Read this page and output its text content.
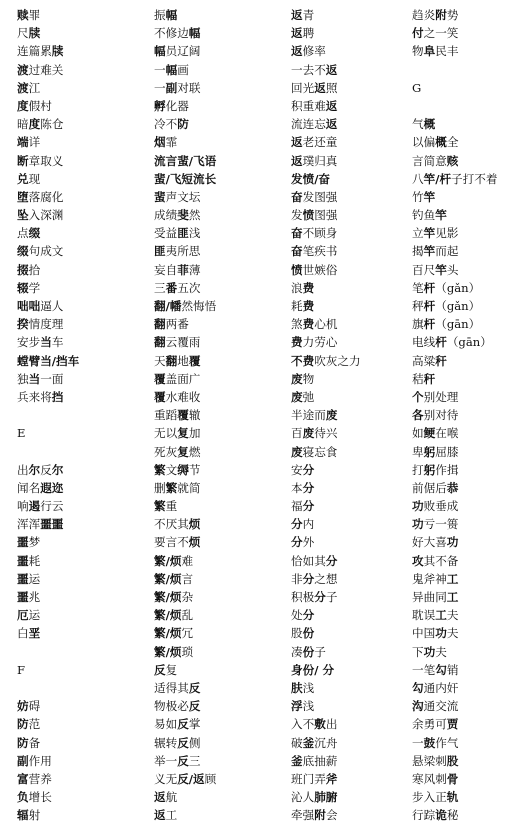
赎罪
尺牍
连篇累牍
渡过难关
渡江
度假村
暗度陈仓
端详
断章取义
兑现
堕落腐化
坠入深渊
点缀
缀句成文
掇拾
辍学
咄咄逼人
揆情度理
安步当车
螳臂当/挡车
独当一面
兵来将挡
E
出尔反尔
闻名遐迩
响遏行云
浑浑噩噩
噩梦
噩耗
噩运
噩兆
厄运
白垩
F
妨碍
防范
防备
副作用
富营养
负增长
辐射
振幅
不修边幅
幅员辽阔
一幅画
一副对联
孵化器
冷不防
烟霏
流言蜚/飞语
蜚/飞短流长
蜚声文坛
成绩斐然
受益匪浅
匪夷所思
妄自菲薄
三番五次
翻/幡然悔悟
翻两番
翻云覆雨
天翻地覆
覆盖面广
覆水难收
重蹈覆辙
无以复加
死灰复燃
繁文缛节
删繁就简
繁重
不厌其烦
要言不烦
繁/烦难
繁/烦言
繁/烦杂
繁/烦乱
繁/烦冗
繁/烦琐
反复
适得其反
物极必反
易如反掌
辗转反侧
举一反三
义无反/返顾
返航
返工
返青
返聘
返修率
一去不返
回光返照
积重难返
流连忘返
返老还童
返璞归真
发愤/奋
奋发图强
发愤图强
奋不顾身
奋笔疾书
愤世嫉俗
浪费
耗费
煞费心机
费力劳心
不费吹灰之力
废物
废弛
半途而废
百废待兴
废寝忘食
安分
本分
福分
分内
分外
恰如其分
非分之想
积极分子
处分
股份
凑份子
身份/ 分
肤浅
浮浅
入不敷出
破釜沉舟
釜底抽薪
班门弄斧
沁人肺腑
牵强附会
趋炎附势
付之一笑
物阜民丰
G
气概
以偏概全
言简意赅
八竿/杆子打不着
竹竿
钓鱼竿
立竿见影
揭竿而起
百尺竿头
笔杆（gǎn）
秤杆（gǎn）
旗杆（gān）
电线杆（gān）
高粱秆
秸秆
个别处理
各别对待
如鲠在喉
卑躬屈膝
打躬作揖
前倨后恭
功败垂成
功亏一篑
好大喜功
攻其不备
鬼斧神工
异曲同工
耽误工夫
中国功夫
下功夫
一笔勾销
勾通内奸
沟通交流
余勇可贾
一鼓作气
悬梁刺股
寒风刺骨
步入正轨
行踪诡秘
